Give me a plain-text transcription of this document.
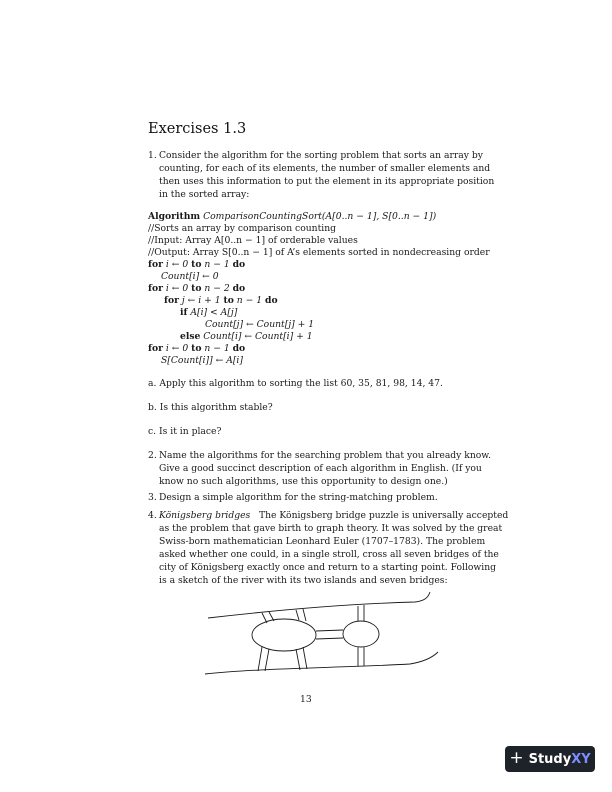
Exercises 1.3
1. Consider the algorithm for the sorting problem that sorts an array by
counting, for each of its elements, the number of smaller elements and
then uses this information to put the element in its appropriate position
in the sorted array:
Algorithm ComparisonCountingSort(A[0..n − 1], S[0..n − 1])
//Sorts an array by comparison counting
//Input: Array A[0..n − 1] of orderable values
//Output: Array S[0..n − 1] of A’s elements sorted in nondecreasing order
for i ← 0 to n − 1 do
Count[i] ← 0
for i ← 0 to n − 2 do
for j ← i + 1 to n − 1 do
if A[i] < A[j]
Count[j] ← Count[j] + 1
else Count[i] ← Count[i] + 1
for i ← 0 to n − 1 do
S[Count[i]] ← A[i]
a. Apply this algorithm to sorting the list 60, 35, 81, 98, 14, 47.
b. Is this algorithm stable?
c. Is it in place?
2. Name the algorithms for the searching problem that you already know.
Give a good succinct description of each algorithm in English. (If you
know no such algorithms, use this opportunity to design one.)
3. Design a simple algorithm for the string-matching problem.
4. Königsberg bridges The Königsberg bridge puzzle is universally accepted
as the problem that gave birth to graph theory. It was solved by the great
Swiss-born mathematician Leonhard Euler (1707–1783). The problem
asked whether one could, in a single stroll, cross all seven bridges of the
city of Königsberg exactly once and return to a starting point. Following
is a sketch of the river with its two islands and seven bridges:
13
+ StudyXY
